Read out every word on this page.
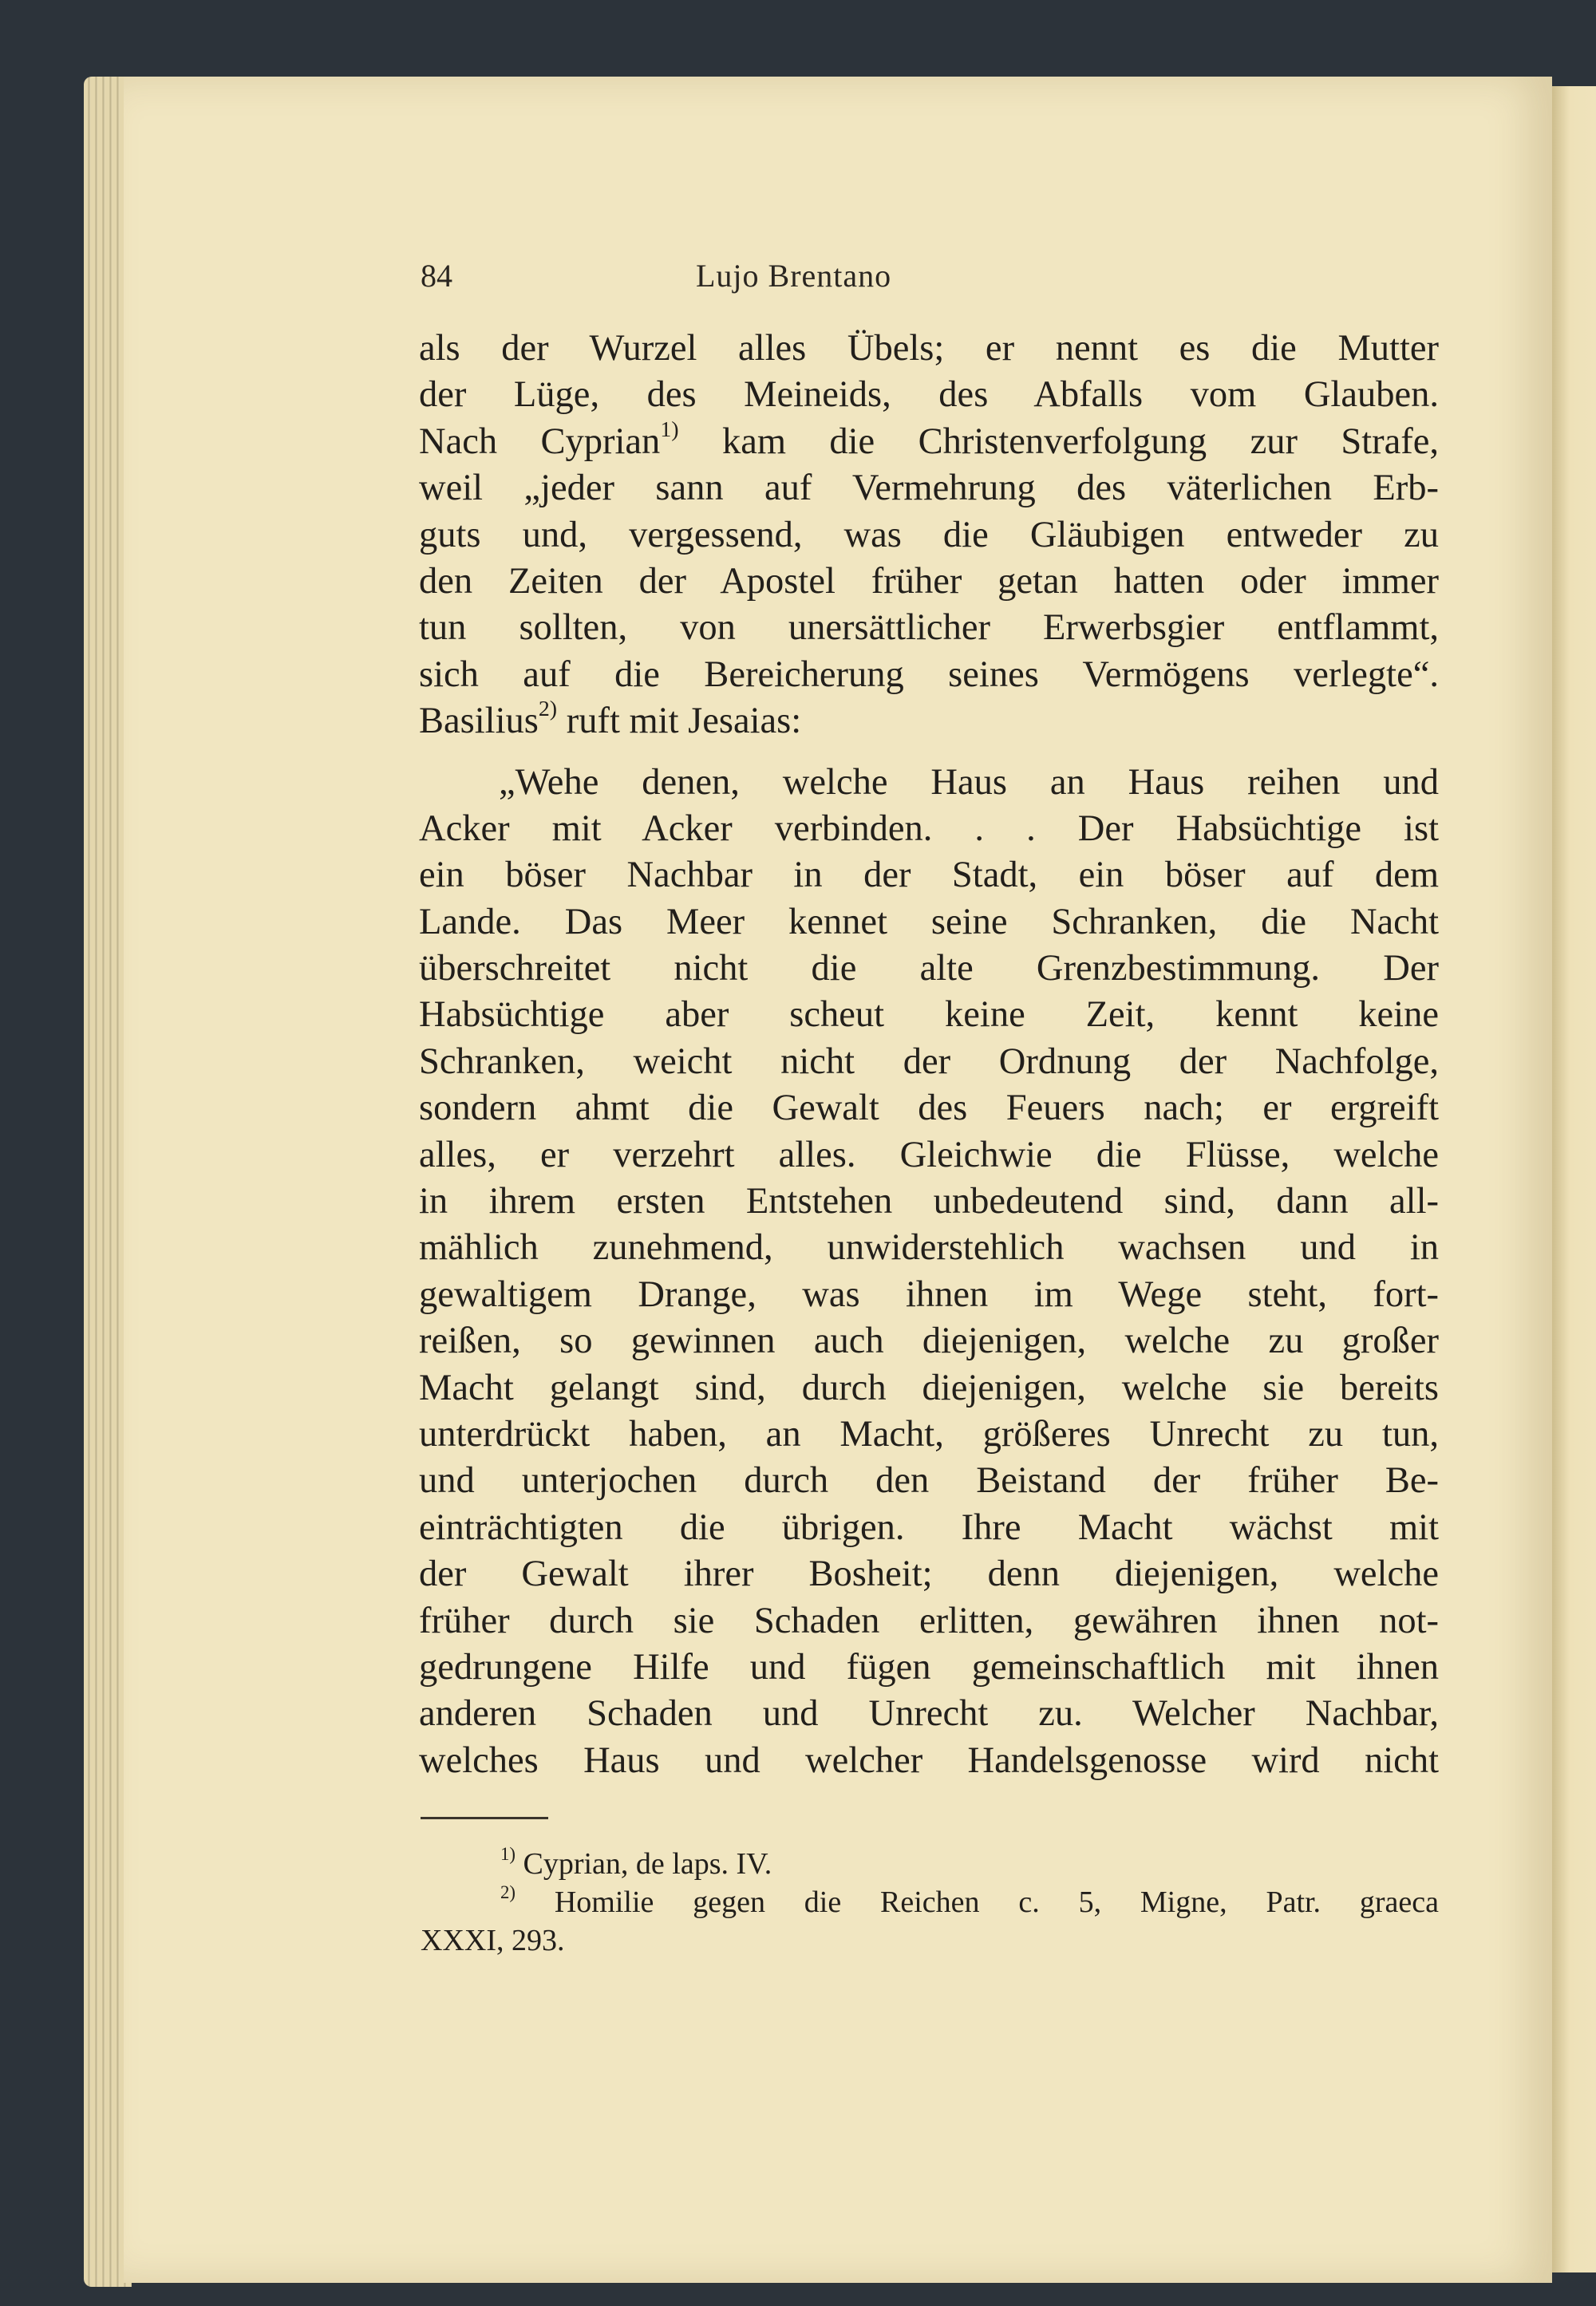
84	Lujo Brentano
als der Wurzel alles Übels; er nennt es die Mutter
der Lüge, des Meineids, des Abfalls vom Glauben.
Nach Cyprian$^{1)}$ kam die Christenverfolgung zur Strafe,
weil „jeder sann auf Vermehrung des väterlichen Erb-
guts und, vergessend, was die Gläubigen entweder zu
den Zeiten der Apostel früher getan hatten oder immer
tun sollten, von unersättlicher Erwerbsgier entflammt,
sich auf die Bereicherung seines Vermögens verlegte“.
Basilius$^{2)}$ ruft mit Jesaias:
„Wehe denen, welche Haus an Haus reihen und
Acker mit Acker verbinden. . . Der Habsüchtige ist
ein böser Nachbar in der Stadt, ein böser auf dem
Lande. Das Meer kennet seine Schranken, die Nacht
überschreitet nicht die alte Grenzbestimmung. Der
Habsüchtige aber scheut keine Zeit, kennt keine
Schranken, weicht nicht der Ordnung der Nachfolge,
sondern ahmt die Gewalt des Feuers nach; er ergreift
alles, er verzehrt alles. Gleichwie die Flüsse, welche
in ihrem ersten Entstehen unbedeutend sind, dann all-
mählich zunehmend, unwiderstehlich wachsen und in
gewaltigem Drange, was ihnen im Wege steht, fort-
reißen, so gewinnen auch diejenigen, welche zu großer
Macht gelangt sind, durch diejenigen, welche sie bereits
unterdrückt haben, an Macht, größeres Unrecht zu tun,
und unterjochen durch den Beistand der früher Be-
einträchtigten die übrigen. Ihre Macht wächst mit
der Gewalt ihrer Bosheit; denn diejenigen, welche
früher durch sie Schaden erlitten, gewähren ihnen not-
gedrungene Hilfe und fügen gemeinschaftlich mit ihnen
anderen Schaden und Unrecht zu. Welcher Nachbar,
welches Haus und welcher Handelsgenosse wird nicht
$^{1)}$ Cyprian, de laps. IV.
$^{2)}$ Homilie gegen die Reichen c. 5, Migne, Patr. graeca
XXXI, 293.
